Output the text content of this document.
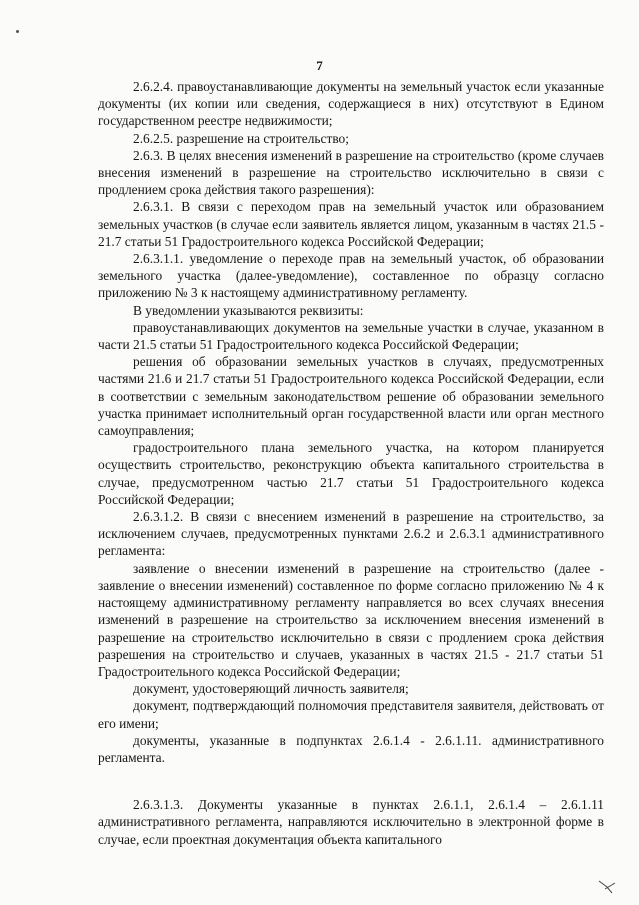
7

2.6.2.4. правоустанавливающие документы на земельный участок если указанные документы (их копии или сведения, содержащиеся в них) отсутствуют в Едином государственном реестре недвижимости;

2.6.2.5. разрешение на строительство;

2.6.3. В целях внесения изменений в разрешение на строительство (кроме случаев внесения изменений в разрешение на строительство исключительно в связи с продлением срока действия такого разрешения):

2.6.3.1. В связи с переходом прав на земельный участок или образованием земельных участков (в случае если заявитель является лицом, указанным в частях 21.5 - 21.7 статьи 51 Градостроительного кодекса Российской Федерации;

2.6.3.1.1. уведомление о переходе прав на земельный участок, об образовании земельного участка (далее-уведомление), составленное по образцу согласно приложению № 3 к настоящему административному регламенту.

В уведомлении указываются реквизиты:

правоустанавливающих документов на земельные участки в случае, указанном в части 21.5 статьи 51 Градостроительного кодекса Российской Федерации;

решения об образовании земельных участков в случаях, предусмотренных частями 21.6 и 21.7 статьи 51 Градостроительного кодекса Российской Федерации, если в соответствии с земельным законодательством решение об образовании земельного участка принимает исполнительный орган государственной власти или орган местного самоуправления;

градостроительного плана земельного участка, на котором планируется осуществить строительство, реконструкцию объекта капитального строительства в случае, предусмотренном частью 21.7 статьи 51 Градостроительного кодекса Российской Федерации;

2.6.3.1.2. В связи с внесением изменений в разрешение на строительство, за исключением случаев, предусмотренных пунктами 2.6.2 и 2.6.3.1 административного регламента:

заявление о внесении изменений в разрешение на строительство (далее - заявление о внесении изменений) составленное по форме согласно приложению № 4 к настоящему административному регламенту направляется во всех случаях внесения изменений в разрешение на строительство за исключением внесения изменений в разрешение на строительство исключительно в связи с продлением срока действия разрешения на строительство и случаев, указанных в частях 21.5 - 21.7 статьи 51 Градостроительного кодекса Российской Федерации;

документ, удостоверяющий личность заявителя;

документ, подтверждающий полномочия представителя заявителя, действовать от его имени;

документы, указанные в подпунктах 2.6.1.4 - 2.6.1.11. административного регламента.

2.6.3.1.3. Документы указанные в пунктах 2.6.1.1, 2.6.1.4 – 2.6.1.11 административного регламента, направляются исключительно в электронной форме в случае, если проектная документация объекта капитального
